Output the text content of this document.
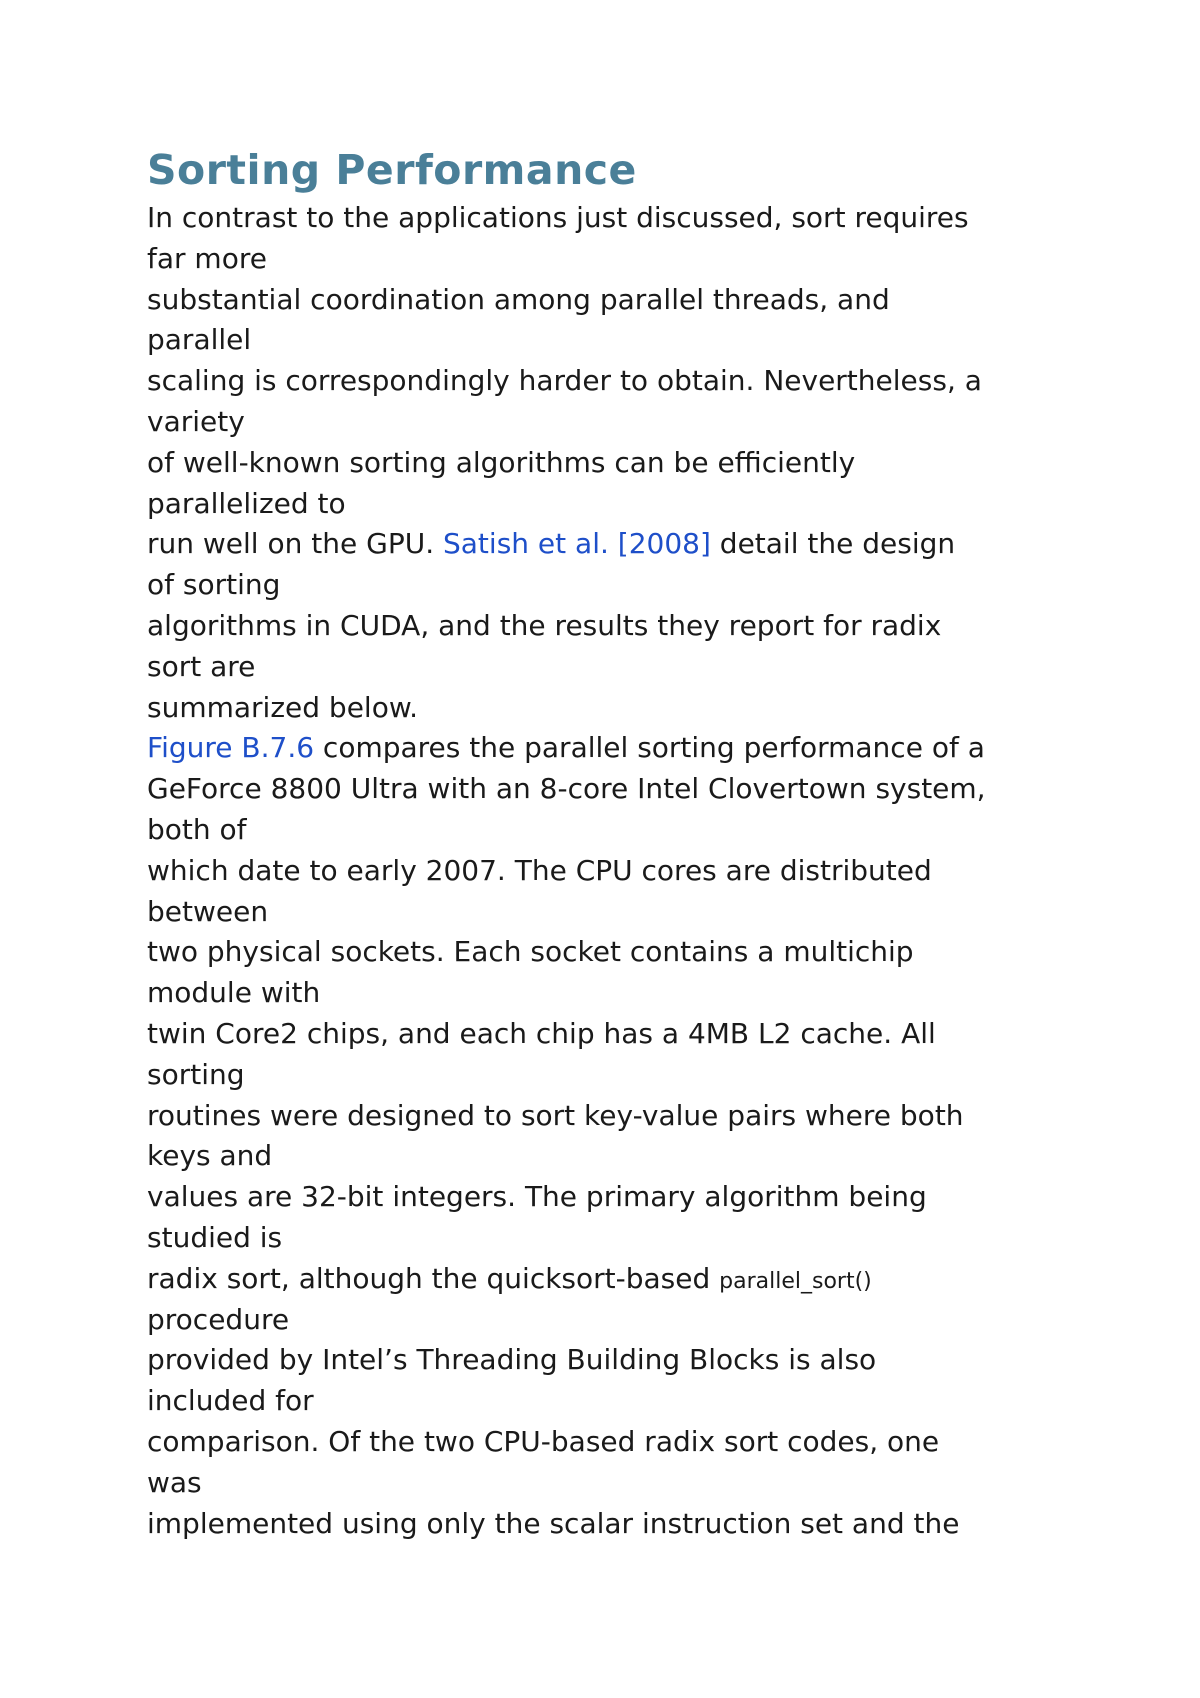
Sorting Performance
In contrast to the applications just discussed, sort requires
far more
substantial coordination among parallel threads, and
parallel
scaling is correspondingly harder to obtain. Nevertheless, a
variety
of well-known sorting algorithms can be efficiently
parallelized to
run well on the GPU. Satish et al. [2008] detail the design
of sorting
algorithms in CUDA, and the results they report for radix
sort are
summarized below.
Figure B.7.6 compares the parallel sorting performance of a
GeForce 8800 Ultra with an 8-core Intel Clovertown system,
both of
which date to early 2007. The CPU cores are distributed
between
two physical sockets. Each socket contains a multichip
module with
twin Core2 chips, and each chip has a 4MB L2 cache. All
sorting
routines were designed to sort key-value pairs where both
keys and
values are 32-bit integers. The primary algorithm being
studied is
radix sort, although the quicksort-based parallel_sort()
procedure
provided by Intel’s Threading Building Blocks is also
included for
comparison. Of the two CPU-based radix sort codes, one
was
implemented using only the scalar instruction set and the
